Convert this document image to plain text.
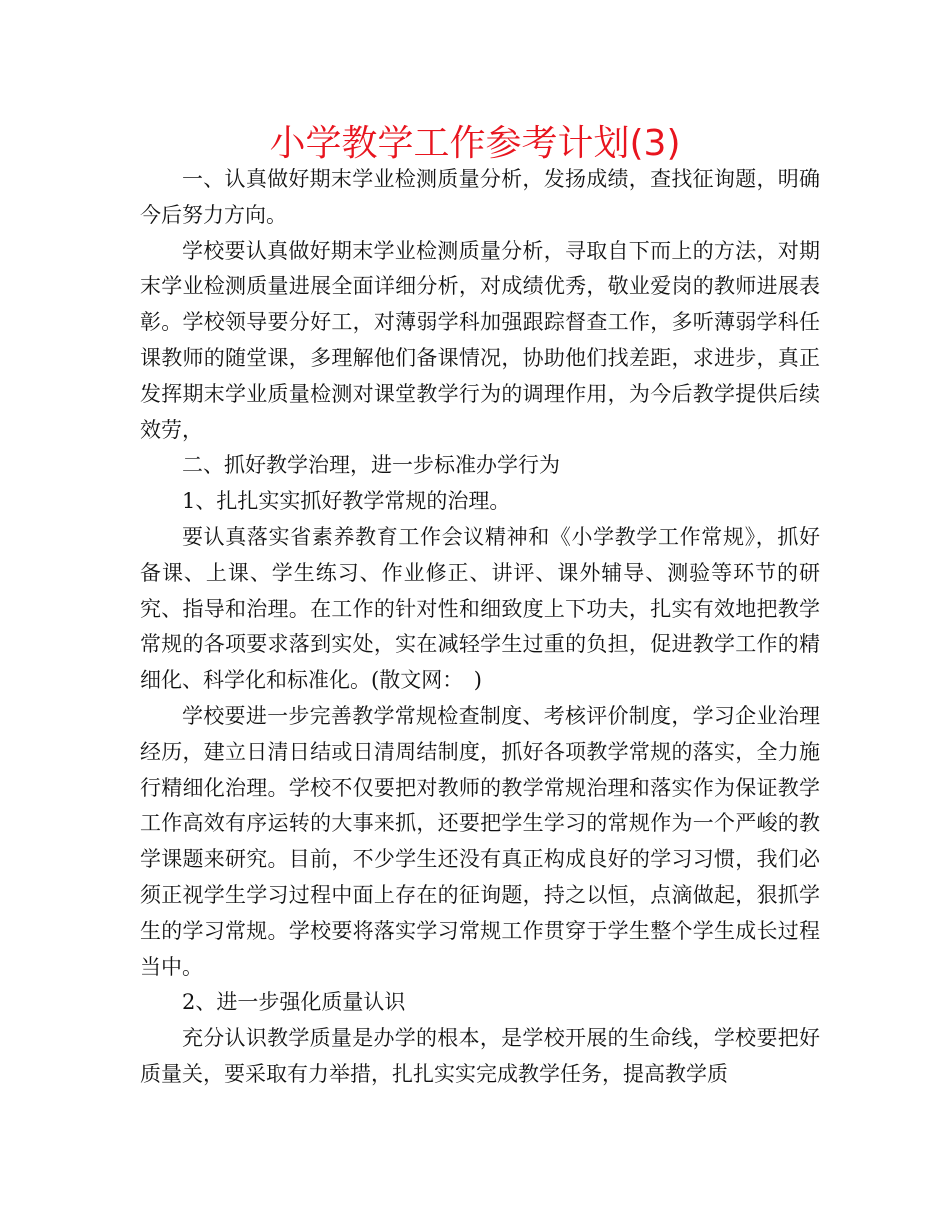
小学教学工作参考计划(3)

一、认真做好期末学业检测质量分析，发扬成绩，查找征询题，明确今后努力方向。

学校要认真做好期末学业检测质量分析，寻取自下而上的方法，对期末学业检测质量进展全面详细分析，对成绩优秀，敬业爱岗的教师进展表彰。学校领导要分好工，对薄弱学科加强跟踪督查工作，多听薄弱学科任课教师的随堂课，多理解他们备课情况，协助他们找差距，求进步，真正发挥期末学业质量检测对课堂教学行为的调理作用，为今后教学提供后续效劳，

二、抓好教学治理，进一步标准办学行为

1、扎扎实实抓好教学常规的治理。

要认真落实省素养教育工作会议精神和《小学教学工作常规》，抓好备课、上课、学生练习、作业修正、讲评、课外辅导、测验等环节的研究、指导和治理。在工作的针对性和细致度上下功夫，扎实有效地把教学常规的各项要求落到实处，实在减轻学生过重的负担，促进教学工作的精细化、科学化和标准化。(散文网：　)

学校要进一步完善教学常规检查制度、考核评价制度，学习企业治理经历，建立日清日结或日清周结制度，抓好各项教学常规的落实，全力施行精细化治理。学校不仅要把对教师的教学常规治理和落实作为保证教学工作高效有序运转的大事来抓，还要把学生学习的常规作为一个严峻的教学课题来研究。目前，不少学生还没有真正构成良好的学习习惯，我们必须正视学生学习过程中面上存在的征询题，持之以恒，点滴做起，狠抓学生的学习常规。学校要将落实学习常规工作贯穿于学生整个学生成长过程当中。

2、进一步强化质量认识

充分认识教学质量是办学的根本，是学校开展的生命线，学校要把好质量关，要采取有力举措，扎扎实实完成教学任务，提高教学质
